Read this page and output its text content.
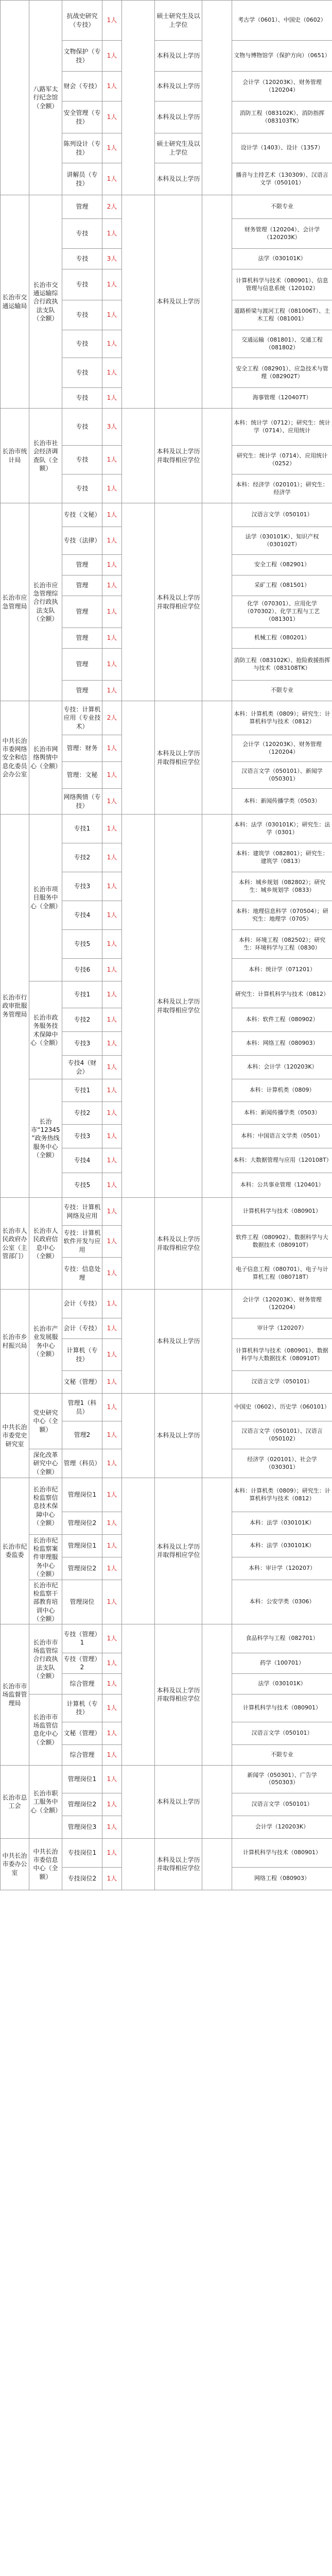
	八路军太行纪念馆（全额）	抗战史研究（专技）	1人		硕士研究生及以上学位		考古学（0601）、中国史（0602）
		文物保护（专技）	1人		本科及以上学历		文物与博物馆学（保护方向）（0651）
		财会（专技）	1人		本科及以上学历		会计学（120203K）、财务管理（120204）
		安全管理（专技）	1人		本科及以上学历		消防工程（083102K）、消防指挥（083103TK）
		陈列设计（专技）	1人		硕士研究生及以上学位		设计学（1403）、设计（1357）
		讲解员（专技）	1人		本科及以上学历		播音与主持艺术（130309）、汉语言文学（050101）
长治市交通运输局	长治市交通运输综合行政执法支队（全额）	管理	2人		本科及以上学历		不限专业
		专技	1人				财务管理（120204）、会计学（120203K）
		专技	3人				法学（030101K）
		专技	1人				计算机科学与技术（080901）、信息管理与信息系统（120102）
		专技	1人				道路桥梁与渡河工程（081006T）、土木工程（081001）
		专技	1人				交通运输（081801）、交通工程（081802）
		专技	1人				安全工程（082901）、应急技术与管理（082902T）
		专技	1人				海事管理（120407T）
长治市统计局	长治市社会经济调查队（全额）	专技	3人		本科及以上学历并取得相应学位		本科：统计学（0712）；研究生：统计学（0714）、应用统计
		专技	1人				研究生：统计学（0714）、应用统计（0252）
		专技	1人				本科：经济学（020101）；研究生：经济学
长治市应急管理局	长治市应急管理综合行政执法支队（全额）	专技（文秘）	1人		本科及以上学历并取得相应学位		汉语言文学（050101）
		专技（法律）	1人				法学（030101K）、知识产权（030102T）
		管理	1人				安全工程（082901）
		管理	1人				采矿工程（081501）
		管理	1人				化学（070301）、应用化学（070302）、化学工程与工艺（081301）
		管理	1人				机械工程（080201）
		管理	1人				消防工程（083102K）、抢险救援指挥与技术（083108TK）
		管理	1人				不限专业
中共长治市委网络安全和信息化委员会办公室	长治市网络舆情中心（全额）	专技：计算机应用（专业技术）	2人		本科及以上学历并取得相应学位		本科：计算机类（0809）；研究生：计算机科学与技术（0812）
		管理：财务	1人				会计学（120203K）、财务管理（120204）
		管理：文秘	1人				汉语言文学（050101）、新闻学（050301）
		网络舆情（专技）	1人				本科：新闻传播学类（0503）
长治市行政审批服务管理局	长治市项目服务中心（全额）	专技1	1人		本科及以上学历并取得相应学位		本科：法学（030101K）；研究生：法学（0301）
		专技2	1人				本科：建筑学（082801）；研究生：建筑学（0813）
		专技3	1人				本科：城乡规划（082802）；研究生：城乡规划学（0833）
		专技4	1人				本科：地理信息科学（070504）；研究生：地理学（0705）
		专技5	1人				本科：环境工程（082502）；研究生：环境科学与工程（0830）
		专技6	1人				本科：统计学（071201）
	长治市政务服务技术保障中心（全额）	专技1	1人				研究生：计算机科学与技术（0812）
		专技2	1人				本科：软件工程（080902）
		专技3	1人				本科：网络工程（080903）
		专技4（财会）	1人				本科：会计学（120203K）
	长治市“12345”政务热线服务中心（全额）	专技1	1人				本科：计算机类（0809）
		专技2	1人				本科：新闻传播学类（0503）
		专技3	1人				本科：中国语言文学类（0501）
		专技4	1人				本科：大数据管理与应用（120108T）
		专技5	1人				本科：公共事业管理（120401）
长治市人民政府办公室（主管部门）	长治市人民政府信息中心（全额）	专技：计算机网络及应用	1人		本科及以上学历并取得相应学位		计算机科学与技术（080901）
		专技：计算机软件开发与应用	1人				软件工程（080902）、数据科学与大数据技术（080910T）
		专技：信息处理	1人				电子信息工程（080701）、电子与计算机工程（080718T）
长治市乡村振兴局	长治市产业发展服务中心（全额）	会计（专技）	1人		本科及以上学历		会计学（120203K）、财务管理（120204）
		会计（专技）	1人				审计学（120207）
		计算机（专技）	1人				计算机科学与技术（080901）、数据科学与大数据技术（080910T）
		文秘（管理）	1人				汉语言文学（050101）
中共长治市委党史研究室	党史研究中心（全额）	管理1（科员）	1人		本科及以上学历		中国史（0602）、历史学（060101）
		管理2	1人				汉语言文学（050101）、汉语言（050102）
	深化改革研究中心（全额）	管理（科员）	1人				经济学（020101）、社会学（030301）
长治市纪委监委	长治市纪检监察信息技术保障中心（全额）	管理岗位1	1人		本科及以上学历并取得相应学位		本科：计算机类（0809）；研究生：计算机科学与技术（0812）
		管理岗位2	1人				本科：法学（030101K）
	长治市纪检监察案件审理服务中心（全额）	管理岗位1	1人				本科：法学（030101K）
		管理岗位2	1人				本科：审计学（120207）
	长治市纪检监察干部教育培训中心（全额）	管理岗位	1人				本科：公安学类（0306）
长治市市场监督管理局	长治市市场监管综合行政执法支队（全额）	专技（管理）1	1人		本科及以上学历并取得相应学位		食品科学与工程（082701）
		专技（管理）2	1人				药学（100701）
		综合管理	1人				法学（030101K）
	长治市市场监管信息化中心（全额）	计算机（专技）	1人				计算机科学与技术（080901）
		文秘（管理）	1人				汉语言文学（050101）
		综合管理	1人				不限专业
长治市总工会	长治市职工服务中心（全额）	管理岗位1	1人		本科及以上学历		新闻学（050301）、广告学（050303）
		管理岗位2	1人				汉语言文学（050101）
		管理岗位3	1人				会计学（120203K）
中共长治市委办公室	中共长治市委信息中心（全额）	专技岗位1	1人		本科及以上学历并取得相应学位		计算机科学与技术（080901）
		专技岗位2	1人				网络工程（080903）
